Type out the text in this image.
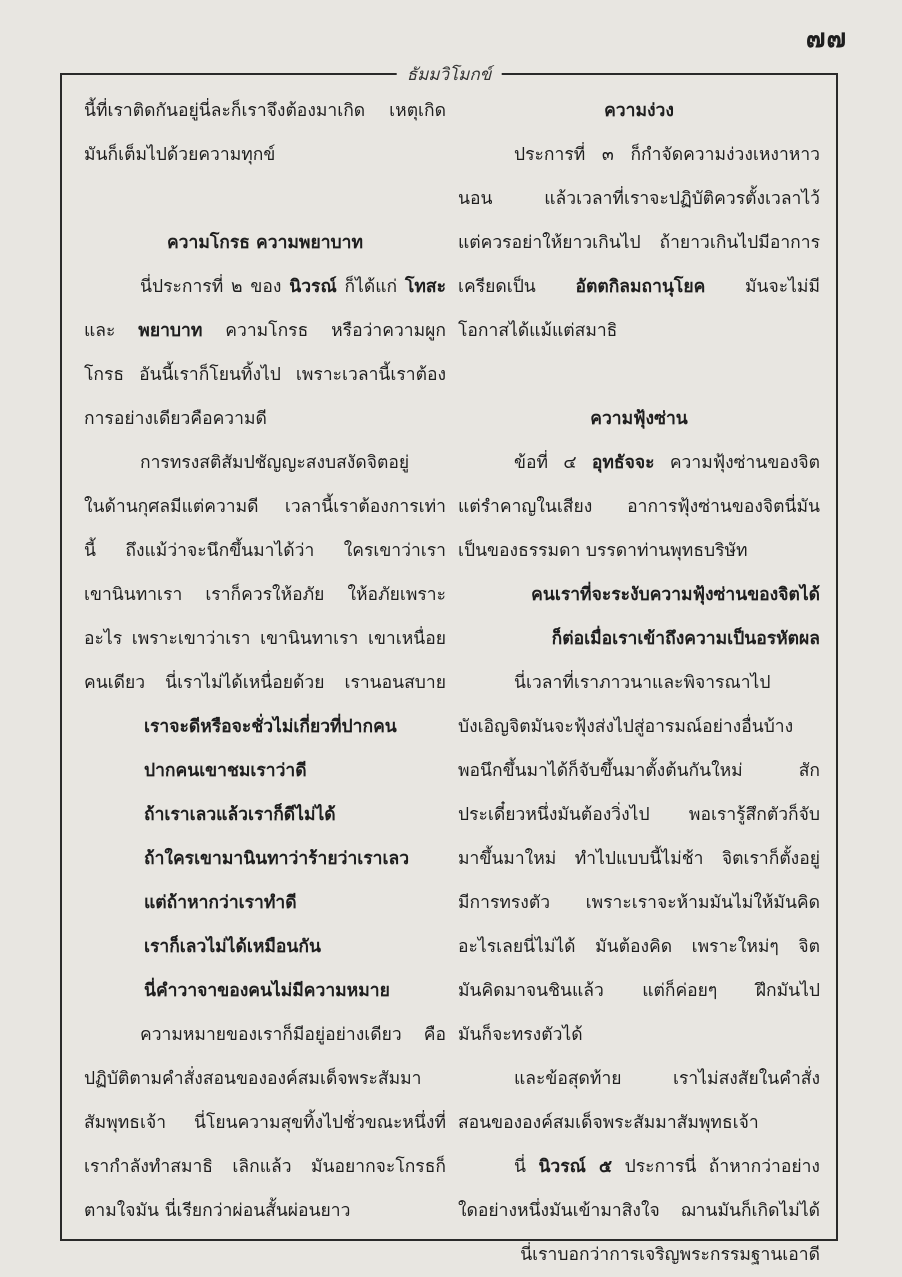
๗๗
ธัมมวิโมกข์

นี้ที่เราติดกันอยู่นี่ละก็เราจึงต้องมาเกิด เหตุเกิด

มันก็เต็มไปด้วยความทุกข์

ความโกรธ ความพยาบาท

นี่ประการที่ ๒ ของ นิวรณ์ ก็ได้แก่ โทสะ

และ พยาบาท ความโกรธ หรือว่าความผูก

โกรธ อันนี้เราก็โยนทิ้งไป เพราะเวลานี้เราต้อง

การอย่างเดียวคือความดี

การทรงสติสัมปชัญญะสงบสงัดจิตอยู่

ในด้านกุศลมีแต่ความดี เวลานี้เราต้องการเท่า

นี้ ถึงแม้ว่าจะนึกขึ้นมาได้ว่า ใครเขาว่าเรา

เขานินทาเรา เราก็ควรให้อภัย ให้อภัยเพราะ

อะไร เพราะเขาว่าเรา เขานินทาเรา เขาเหนื่อย

คนเดียว นี่เราไม่ได้เหนื่อยด้วย เรานอนสบาย

เราจะดีหรือจะชั่วไม่เกี่ยวที่ปากคน

ปากคนเขาชมเราว่าดี

ถ้าเราเลวแล้วเราก็ดีไม่ได้

ถ้าใครเขามานินทาว่าร้ายว่าเราเลว

แต่ถ้าหากว่าเราทำดี

เราก็เลวไม่ได้เหมือนกัน

นี่คำวาจาของคนไม่มีความหมาย

ความหมายของเราก็มีอยู่อย่างเดียว คือ

ปฏิบัติตามคำสั่งสอนขององค์สมเด็จพระสัมมา

สัมพุทธเจ้า นี่โยนความสุขทิ้งไปชั่วขณะหนึ่งที่

เรากำลังทำสมาธิ เลิกแล้ว มันอยากจะโกรธก็

ตามใจมัน นี่เรียกว่าผ่อนสั้นผ่อนยาว

ความง่วง

ประการที่ ๓ ก็กำจัดความง่วงเหงาหาว

นอน แล้วเวลาที่เราจะปฏิบัติควรตั้งเวลาไว้

แต่ควรอย่าให้ยาวเกินไป ถ้ายาวเกินไปมีอาการ

เครียดเป็น อัตตกิลมถานุโยค มันจะไม่มี

โอกาสได้แม้แต่สมาธิ

ความฟุ้งซ่าน

ข้อที่ ๔ อุทธัจจะ ความฟุ้งซ่านของจิต

แต่รำคาญในเสียง อาการฟุ้งซ่านของจิตนี่มัน

เป็นของธรรมดา บรรดาท่านพุทธบริษัท

คนเราที่จะระงับความฟุ้งซ่านของจิตได้

ก็ต่อเมื่อเราเข้าถึงความเป็นอรหัตผล

นี่เวลาที่เราภาวนาและพิจารณาไป

บังเอิญจิตมันจะฟุ้งส่งไปสู่อารมณ์อย่างอื่นบ้าง

พอนึกขึ้นมาได้ก็จับขึ้นมาตั้งต้นกันใหม่ สัก

ประเดี๋ยวหนึ่งมันต้องวิ่งไป พอเรารู้สึกตัวก็จับ

มาขึ้นมาใหม่ ทำไปแบบนี้ไม่ช้า จิตเราก็ตั้งอยู่

มีการทรงตัว เพราะเราจะห้ามมันไม่ให้มันคิด

อะไรเลยนี่ไม่ได้ มันต้องคิด เพราะใหม่ๆ จิต

มันคิดมาจนชินแล้ว แต่ก็ค่อยๆ ฝึกมันไป

มันก็จะทรงตัวได้

และข้อสุดท้าย เราไม่สงสัยในคำสั่ง

สอนขององค์สมเด็จพระสัมมาสัมพุทธเจ้า

นี่ นิวรณ์ ๕ ประการนี่ ถ้าหากว่าอย่าง

ใดอย่างหนึ่งมันเข้ามาสิงใจ ฌานมันก็เกิดไม่ได้

นี่เราบอกว่าการเจริญพระกรรมฐานเอาดี
